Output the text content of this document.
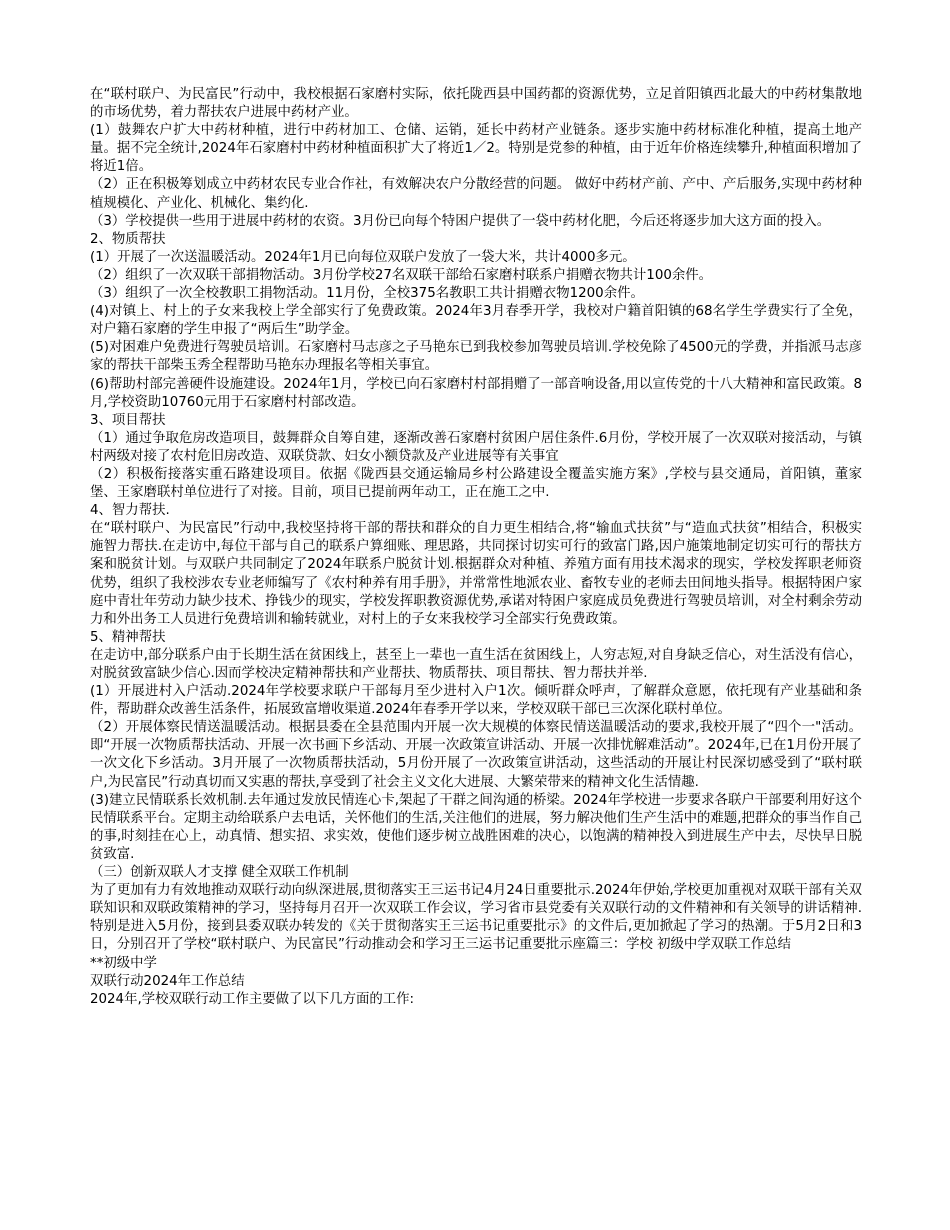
在“联村联户、为民富民”行动中，我校根据石家磨村实际，依托陇西县中国药都的资源优势，立足首阳镇西北最大的中药材集散地的市场优势，着力帮扶农户进展中药材产业。

(1）鼓舞农户扩大中药材种植，进行中药材加工、仓储、运销，延长中药材产业链条。逐步实施中药材标准化种植，提高土地产量。据不完全统计,2024年石家磨村中药材种植面积扩大了将近1／2。特别是党参的种植，由于近年价格连续攀升,种植面积增加了将近1倍。

（2）正在积极筹划成立中药材农民专业合作社，有效解决农户分散经营的问题。 做好中药材产前、产中、产后服务,实现中药材种植规模化、产业化、机械化、集约化.

（3）学校提供一些用于进展中药材的农资。3月份已向每个特困户提供了一袋中药材化肥，今后还将逐步加大这方面的投入。

2、物质帮扶

(1）开展了一次送温暖活动。2024年1月已向每位双联户发放了一袋大米，共计4000多元。

（2）组织了一次双联干部捐物活动。3月份学校27名双联干部给石家磨村联系户捐赠衣物共计100余件。

（3）组织了一次全校教职工捐物活动。11月份，全校375名教职工共计捐赠衣物1200余件。

(4)对镇上、村上的子女来我校上学全部实行了免费政策。2024年3月春季开学，我校对户籍首阳镇的68名学生学费实行了全免，对户籍石家磨的学生申报了“两后生”助学金。

(5)对困难户免费进行驾驶员培训。石家磨村马志彦之子马艳东已到我校参加驾驶员培训.学校免除了4500元的学费，并指派马志彦家的帮扶干部柴玉秀全程帮助马艳东办理报名等相关事宜。

(6)帮助村部完善硬件设施建设。2024年1月，学校已向石家磨村村部捐赠了一部音响设备,用以宣传党的十八大精神和富民政策。8月,学校资助10760元用于石家磨村村部改造。

3、项目帮扶

（1）通过争取危房改造项目，鼓舞群众自筹自建，逐渐改善石家磨村贫困户居住条件.6月份，学校开展了一次双联对接活动，与镇村两级对接了农村危旧房改造、双联贷款、妇女小额贷款及产业进展等有关事宜

（2）积极衔接落实重石路建设项目。依据《陇西县交通运输局乡村公路建设全覆盖实施方案》,学校与县交通局，首阳镇，董家堡、王家磨联村单位进行了对接。目前，项目已提前两年动工，正在施工之中.

4、智力帮扶.

在“联村联户、为民富民”行动中,我校坚持将干部的帮扶和群众的自力更生相结合,将“输血式扶贫”与“造血式扶贫”相结合，积极实施智力帮扶.在走访中,每位干部与自己的联系户算细账、理思路，共同探讨切实可行的致富门路,因户施策地制定切实可行的帮扶方案和脱贫计划。与双联户共同制定了2024年联系户脱贫计划.根据群众对种植、养殖方面有用技术渴求的现实，学校发挥职老师资优势，组织了我校涉农专业老师编写了《农村种养有用手册》，并常常性地派农业、畜牧专业的老师去田间地头指导。根据特困户家庭中青壮年劳动力缺少技术、挣钱少的现实，学校发挥职教资源优势,承诺对特困户家庭成员免费进行驾驶员培训，对全村剩余劳动力和外出务工人员进行免费培训和输转就业，对村上的子女来我校学习全部实行免费政策。

5、精神帮扶

在走访中,部分联系户由于长期生活在贫困线上，甚至上一辈也一直生活在贫困线上，人穷志短,对自身缺乏信心，对生活没有信心，对脱贫致富缺少信心.因而学校决定精神帮扶和产业帮扶、物质帮扶、项目帮扶、智力帮扶并举.

(1）开展进村入户活动.2024年学校要求联户干部每月至少进村入户1次。倾听群众呼声，了解群众意愿，依托现有产业基础和条件，帮助群众改善生活条件，拓展致富增收渠道.2024年春季开学以来，学校双联干部已三次深化联村单位。

（2）开展体察民情送温暖活动。根据县委在全县范围内开展一次大规模的体察民情送温暖活动的要求,我校开展了“四个一"活动。即“开展一次物质帮扶活动、开展一次书画下乡活动、开展一次政策宣讲活动、开展一次排忧解难活动”。2024年,已在1月份开展了一次文化下乡活动。3月开展了一次物质帮扶活动，5月份开展了一次政策宣讲活动，这些活动的开展让村民深切感受到了“联村联户,为民富民”行动真切而又实惠的帮扶,享受到了社会主义文化大进展、大繁荣带来的精神文化生活情趣.

(3)建立民情联系长效机制.去年通过发放民情连心卡,架起了干群之间沟通的桥梁。2024年学校进一步要求各联户干部要利用好这个民情联系平台。定期主动给联系户去电话，关怀他们的生活,关注他们的进展，努力解决他们生产生活中的难题,把群众的事当作自己的事,时刻挂在心上，动真情、想实招、求实效，使他们逐步树立战胜困难的决心，以饱满的精神投入到进展生产中去，尽快早日脱贫致富.

（三）创新双联人才支撑 健全双联工作机制

为了更加有力有效地推动双联行动向纵深进展,贯彻落实王三运书记4月24日重要批示.2024年伊始,学校更加重视对双联干部有关双联知识和双联政策精神的学习，坚持每月召开一次双联工作会议，学习省市县党委有关双联行动的文件精神和有关领导的讲话精神.特别是进入5月份，接到县委双联办转发的《关于贯彻落实王三运书记重要批示》的文件后,更加掀起了学习的热潮。于5月2日和3日，分别召开了学校“联村联户、为民富民”行动推动会和学习王三运书记重要批示座篇三：学校 初级中学双联工作总结

**初级中学

双联行动2024年工作总结

2024年,学校双联行动工作主要做了以下几方面的工作:
